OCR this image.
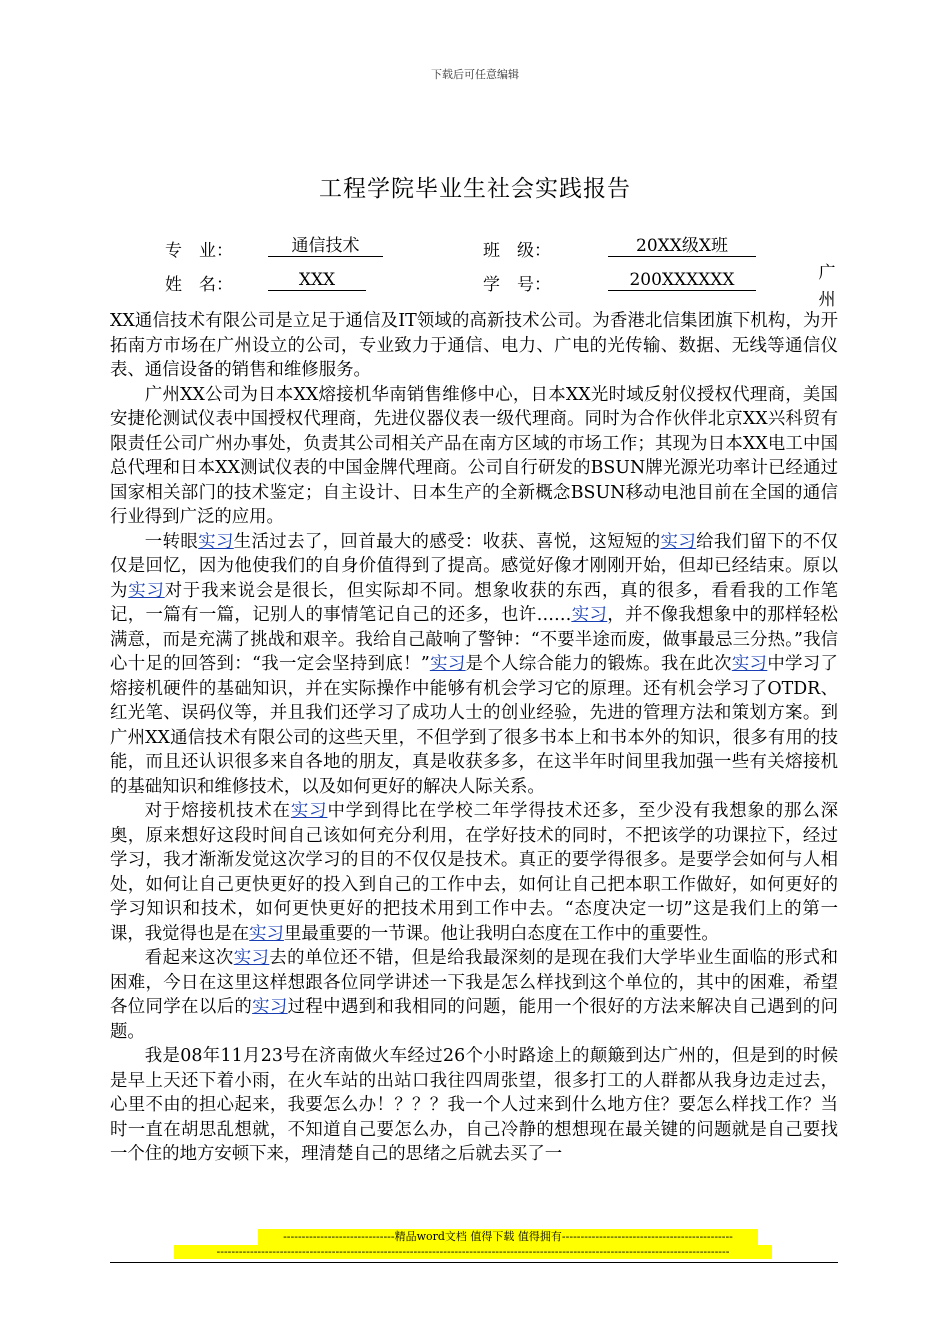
下载后可任意编辑
工程学院毕业生社会实践报告
专　业：	通信技术	班　级：	20XX级X班
姓　名：	XXX	学　号：	200XXXXXX	广
州

XX通信技术有限公司是立足于通信及IT领域的高新技术公司。为香港北信集团旗下机构，为开拓南方市场在广州设立的公司，专业致力于通信、电力、广电的光传输、数据、无线等通信仪表、通信设备的销售和维修服务。

广州XX公司为日本XX熔接机华南销售维修中心，日本XX光时域反射仪授权代理商，美国安捷伦测试仪表中国授权代理商，先进仪器仪表一级代理商。同时为合作伙伴北京XX兴科贸有限责任公司广州办事处，负责其公司相关产品在南方区域的市场工作；其现为日本XX电工中国总代理和日本XX测试仪表的中国金牌代理商。公司自行研发的BSUN牌光源光功率计已经通过国家相关部门的技术鉴定；自主设计、日本生产的全新概念BSUN移动电池目前在全国的通信行业得到广泛的应用。

一转眼实习生活过去了，回首最大的感受：收获、喜悦，这短短的实习给我们留下的不仅仅是回忆，因为他使我们的自身价值得到了提高。感觉好像才刚刚开始，但却已经结束。原以为实习对于我来说会是很长，但实际却不同。想象收获的东西，真的很多，看看我的工作笔记，一篇有一篇，记别人的事情笔记自己的还多，也许……实习，并不像我想象中的那样轻松满意，而是充满了挑战和艰辛。我给自己敲响了警钟：“不要半途而废，做事最忌三分热。”我信心十足的回答到：“我一定会坚持到底！”实习是个人综合能力的锻炼。我在此次实习中学习了熔接机硬件的基础知识，并在实际操作中能够有机会学习它的原理。还有机会学习了OTDR、红光笔、误码仪等，并且我们还学习了成功人士的创业经验，先进的管理方法和策划方案。到广州XX通信技术有限公司的这些天里，不但学到了很多书本上和书本外的知识，很多有用的技能，而且还认识很多来自各地的朋友，真是收获多多，在这半年时间里我加强一些有关熔接机的基础知识和维修技术，以及如何更好的解决人际关系。

对于熔接机技术在实习中学到得比在学校二年学得技术还多，至少没有我想象的那么深奥，原来想好这段时间自己该如何充分利用，在学好技术的同时，不把该学的功课拉下，经过学习，我才渐渐发觉这次学习的目的不仅仅是技术。真正的要学得很多。是要学会如何与人相处，如何让自己更快更好的投入到自己的工作中去，如何让自己把本职工作做好，如何更好的学习知识和技术，如何更快更好的把技术用到工作中去。“态度决定一切”这是我们上的第一课，我觉得也是在实习里最重要的一节课。他让我明白态度在工作中的重要性。

看起来这次实习去的单位还不错，但是给我最深刻的是现在我们大学毕业生面临的形式和困难，今日在这里这样想跟各位同学讲述一下我是怎么样找到这个单位的，其中的困难，希望各位同学在以后的实习过程中遇到和我相同的问题，能用一个很好的方法来解决自己遇到的问题。

我是08年11月23号在济南做火车经过26个小时路途上的颠簸到达广州的，但是到的时候是早上天还下着小雨，在火车站的出站口我往四周张望，很多打工的人群都从我身边走过去，心里不由的担心起来，我要怎么办！？？？我一个人过来到什么地方住？要怎么样找工作？当时一直在胡思乱想就，不知道自己要怎么办，自己冷静的想想现在最关键的问题就是自己要找一个住的地方安顿下来，理清楚自己的思绪之后就去买了一

------------------------------精品word文档 值得下载 值得拥有----------------------------------------------
------------------------------------------------------------------------------------------------------------------------------------------
